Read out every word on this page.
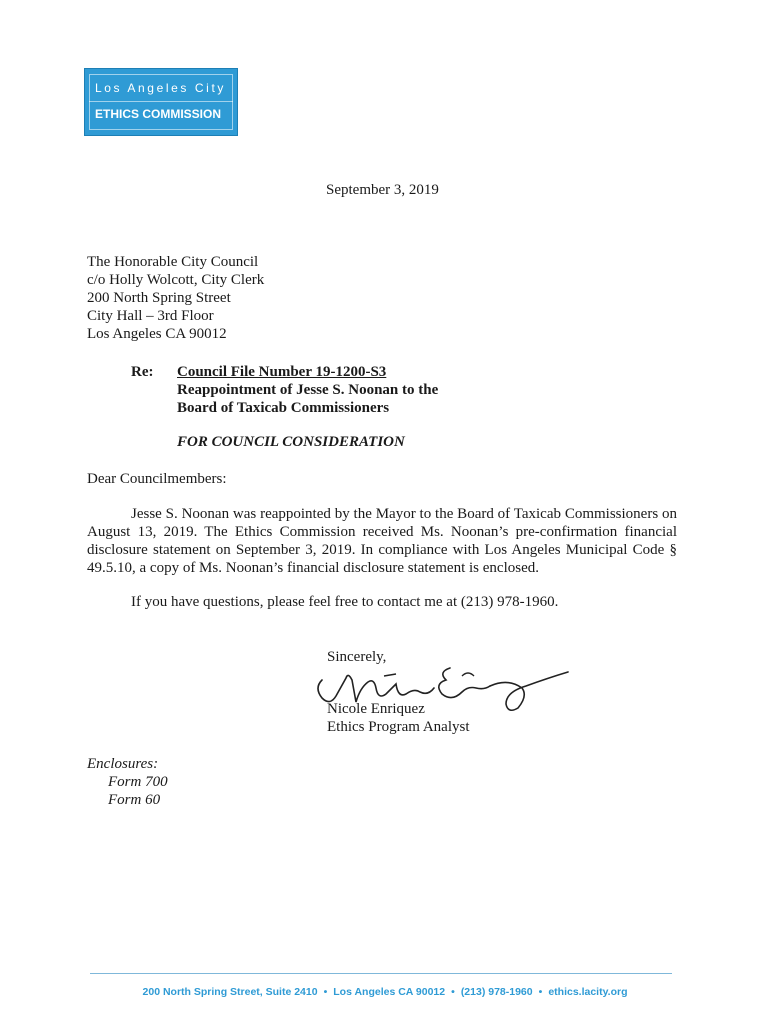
Los Angeles City
ETHICS COMMISSION
September 3, 2019
The Honorable City Council
c/o Holly Wolcott, City Clerk
200 North Spring Street
City Hall – 3rd Floor
Los Angeles CA 90012
Re: Council File Number 19-1200-S3
Reappointment of Jesse S. Noonan to the
Board of Taxicab Commissioners
FOR COUNCIL CONSIDERATION
Dear Councilmembers:
Jesse S. Noonan was reappointed by the Mayor to the Board of Taxicab Commissioners on August 13, 2019. The Ethics Commission received Ms. Noonan’s pre-confirmation financial disclosure statement on September 3, 2019. In compliance with Los Angeles Municipal Code § 49.5.10, a copy of Ms. Noonan’s financial disclosure statement is enclosed.
If you have questions, please feel free to contact me at (213) 978-1960.
Sincerely,
Nicole Enriquez
Ethics Program Analyst
Enclosures:
Form 700
Form 60
200 North Spring Street, Suite 2410 • Los Angeles CA 90012 • (213) 978-1960 • ethics.lacity.org
